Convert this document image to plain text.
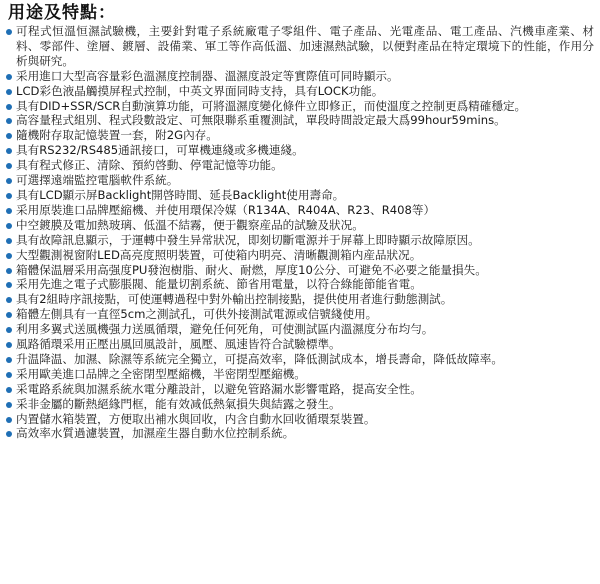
用途及特點：
可程式恒溫恒濕試驗機，主要針對電子系統廠電子零組件、電子產品、光電產品、電工產品、汽機車產業、材料、零部件、塗層、鍍層、設備業、軍工等作高低溫、加速濕熱試驗，以便對產品在特定環境下的性能，作用分析與研究。
采用進口大型高容量彩色溫濕度控制器、溫濕度設定等實際值可同時顯示。
LCD彩色液晶觸摸屏程式控制，中英文界面同時支持，具有LOCK功能。
具有DID+SSR/SCR自動演算功能，可將溫濕度變化條件立即修正，而使溫度之控制更爲精確穩定。
高容量程式組別、程式段數設定、可無限聯系重覆測試，單段時間設定最大爲99hour59mins。
隨機附存取記憶裝置一套，附2G內存。
具有RS232/RS485通訊接口，可單機連綫或多機連綫。
具有程式修正、清除、預約啓動、停電記憶等功能。
可選擇遠端監控電腦軟件系統。
具有LCD顯示屏Backlight開啓時間、延長Backlight使用壽命。
采用原裝進口品牌壓縮機、并使用環保冷媒（R134A、R404A、R23、R408等）
中空鍍膜及電加熱玻璃、低溫不結霧，便于觀察産品的試驗及狀况。
具有故障訊息顯示，于運轉中發生异常狀况，即刻切斷電源并于屏幕上即時顯示故障原因。
大型觀測視窗附LED高亮度照明裝置，可使箱内明亮、清晰觀測箱内産品狀况。
箱體保温層采用高强度PU發泡樹脂、耐火、耐燃，厚度10公分、可避免不必要之能量損失。
采用先進之電子式膨脹閥、能量切割系統、節省用電量，以符合綠能節能省電。
具有2組時序訊接點，可使運轉過程中對外輸出控制接點，提供使用者進行動態測試。
箱體左側具有一直徑5cm之測試孔，可供外接測試電源或信號綫使用。
利用多翼式送風機强力送風循環，避免任何死角，可使測試區内溫濕度分布均勻。
風路循環采用正壓出風回風設計，風壓、風速皆符合試驗標準。
升温降温、加濕、除濕等系統完全獨立，可提高效率，降低測試成本，增長壽命，降低故障率。
采用歐美進口品牌之全密閉型壓縮機，半密閉型壓縮機。
采電路系統與加濕系統水電分離設計，以避免管路漏水影響電路，提高安全性。
采非金屬的斷熱絕緣門框，能有效减低熱氣損失與結露之發生。
内置儲水箱裝置，方便取出補水與回收，内含自動水回收循環泵裝置。
高效率水質過濾裝置，加濕産生器自動水位控制系統。
